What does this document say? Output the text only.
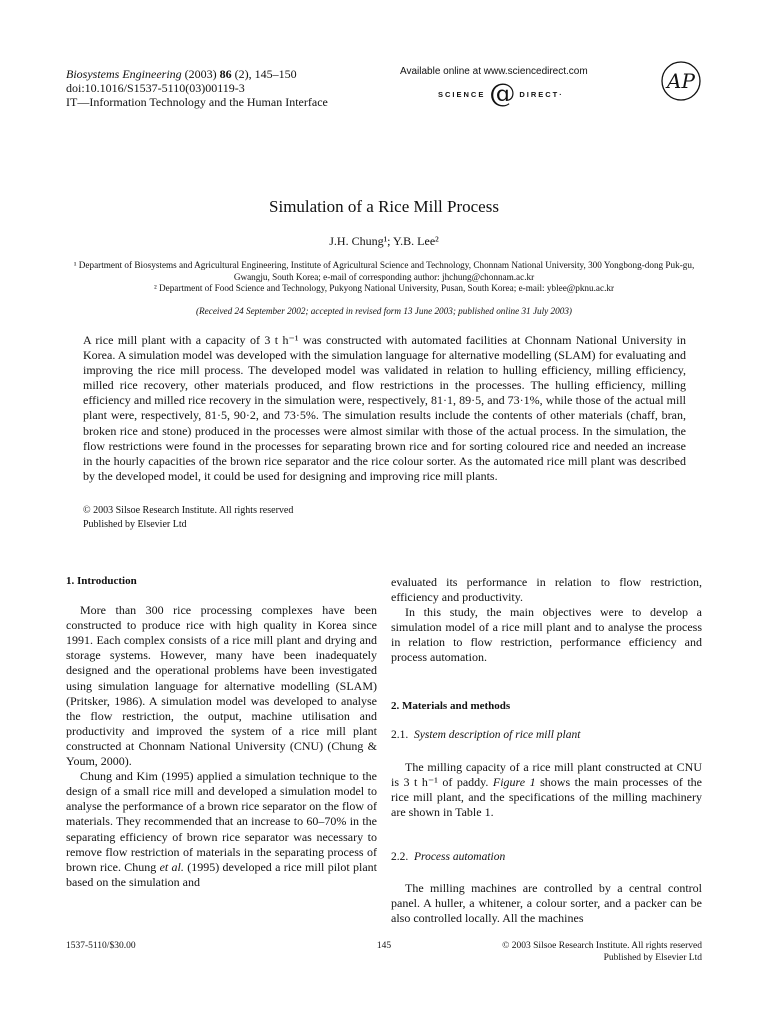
Biosystems Engineering (2003) 86 (2), 145–150
doi:10.1016/S1537-5110(03)00119-3
IT—Information Technology and the Human Interface
Available online at www.sciencedirect.com
SCIENCE @ DIRECT·
AP
Simulation of a Rice Mill Process
J.H. Chung¹; Y.B. Lee²
¹ Department of Biosystems and Agricultural Engineering, Institute of Agricultural Science and Technology, Chonnam National University, 300 Yongbong-dong Puk-gu, Gwangju, South Korea; e-mail of corresponding author: jhchung@chonnam.ac.kr
² Department of Food Science and Technology, Pukyong National University, Pusan, South Korea; e-mail: yblee@pknu.ac.kr
(Received 24 September 2002; accepted in revised form 13 June 2003; published online 31 July 2003)
A rice mill plant with a capacity of 3 t h⁻¹ was constructed with automated facilities at Chonnam National University in Korea. A simulation model was developed with the simulation language for alternative modelling (SLAM) for evaluating and improving the rice mill process. The developed model was validated in relation to hulling efficiency, milling efficiency, milled rice recovery, other materials produced, and flow restrictions in the processes. The hulling efficiency, milling efficiency and milled rice recovery in the simulation were, respectively, 81·1, 89·5, and 73·1%, while those of the actual mill plant were, respectively, 81·5, 90·2, and 73·5%. The simulation results include the contents of other materials (chaff, bran, broken rice and stone) produced in the processes were almost similar with those of the actual process. In the simulation, the flow restrictions were found in the processes for separating brown rice and for sorting coloured rice and needed an increase in the hourly capacities of the brown rice separator and the rice colour sorter. As the automated rice mill plant was described by the developed model, it could be used for designing and improving rice mill plants.
© 2003 Silsoe Research Institute. All rights reserved
Published by Elsevier Ltd
1. Introduction

More than 300 rice processing complexes have been constructed to produce rice with high quality in Korea since 1991. Each complex consists of a rice mill plant and drying and storage systems. However, many have been inadequately designed and the operational problems have been investigated using simulation language for alternative modelling (SLAM) (Pritsker, 1986). A simulation model was developed to analyse the flow restriction, the output, machine utilisation and productivity and improved the system of a rice mill plant constructed at Chonnam National University (CNU) (Chung & Youm, 2000).

Chung and Kim (1995) applied a simulation technique to the design of a small rice mill and developed a simulation model to analyse the performance of a brown rice separator on the flow of materials. They recommended that an increase to 60–70% in the separating efficiency of brown rice separator was necessary to remove flow restriction of materials in the separating process of brown rice. Chung et al. (1995) developed a rice mill pilot plant based on the simulation and

evaluated its performance in relation to flow restriction, efficiency and productivity.

In this study, the main objectives were to develop a simulation model of a rice mill plant and to analyse the process in relation to flow restriction, performance efficiency and process automation.

2. Materials and methods
2.1. System description of rice mill plant

The milling capacity of a rice mill plant constructed at CNU is 3 t h⁻¹ of paddy. Figure 1 shows the main processes of the rice mill plant, and the specifications of the milling machinery are shown in Table 1.

2.2. Process automation

The milling machines are controlled by a central control panel. A huller, a whitener, a colour sorter, and a packer can be also controlled locally. All the machines

1537-5110/$30.00	145	© 2003 Silsoe Research Institute. All rights reserved
Published by Elsevier Ltd
